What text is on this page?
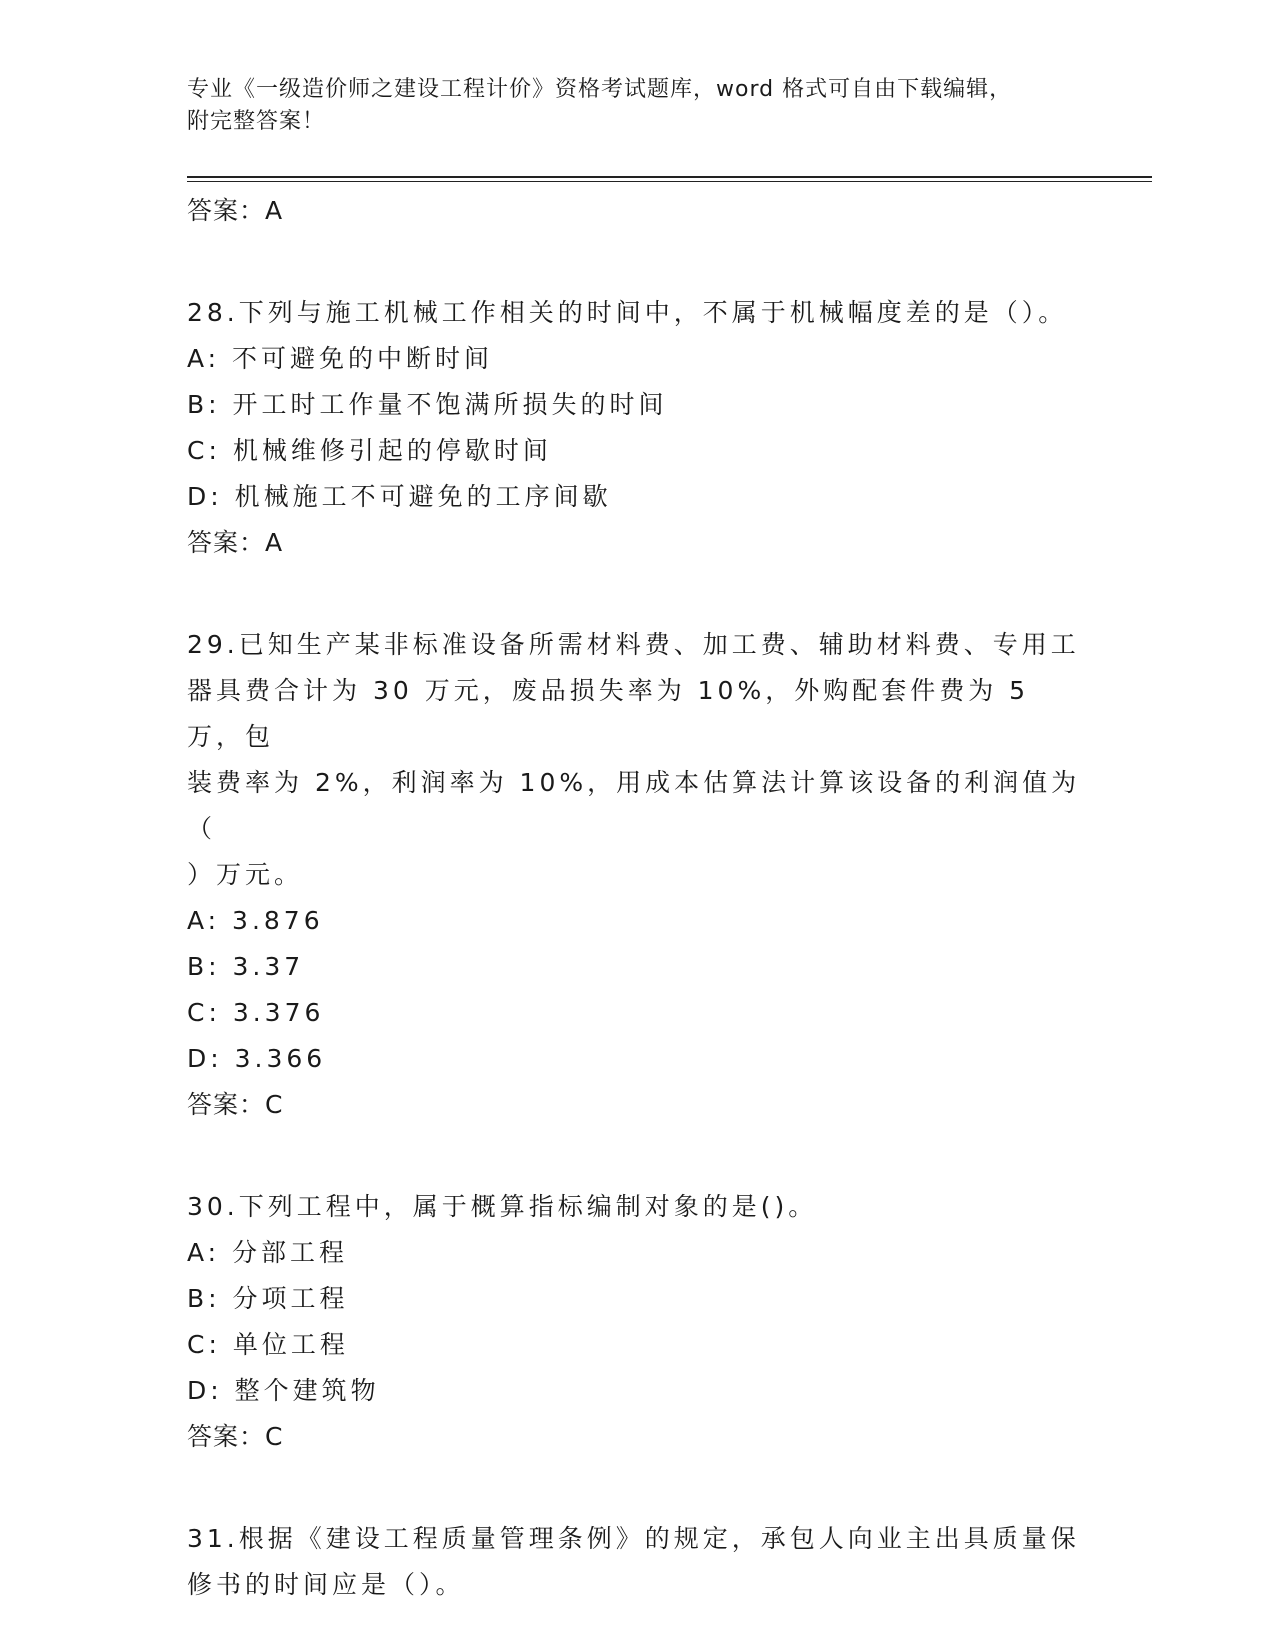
专业《一级造价师之建设工程计价》资格考试题库，word 格式可自由下载编辑，
附完整答案！
答案：A
28.下列与施工机械工作相关的时间中，不属于机械幅度差的是（）。
A: 不可避免的中断时间
B: 开工时工作量不饱满所损失的时间
C: 机械维修引起的停歇时间
D: 机械施工不可避免的工序间歇
答案：A
29.已知生产某非标准设备所需材料费、加工费、辅助材料费、专用工
器具费合计为 30 万元，废品损失率为 10%，外购配套件费为 5 万，包
装费率为 2%，利润率为 10%，用成本估算法计算该设备的利润值为（
）万元。
A: 3.876
B: 3.37
C: 3.376
D: 3.366
答案：C
30.下列工程中，属于概算指标编制对象的是()。
A: 分部工程
B: 分项工程
C: 单位工程
D: 整个建筑物
答案：C
31.根据《建设工程质量管理条例》的规定，承包人向业主出具质量保
修书的时间应是（）。
